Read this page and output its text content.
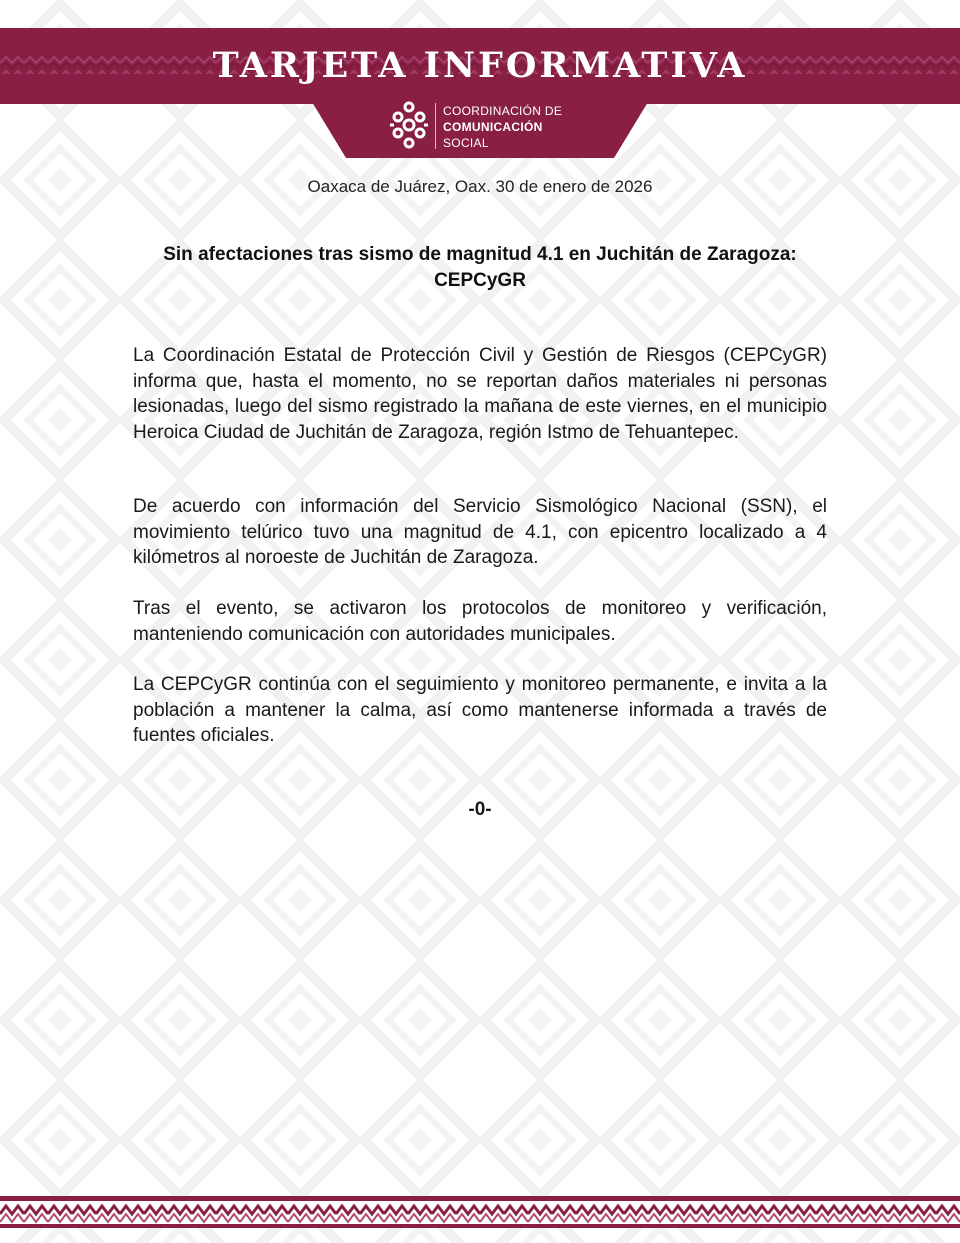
TARJETA INFORMATIVA
COORDINACIÓN DE
COMUNICACIÓN
SOCIAL
Oaxaca de Juárez, Oax. 30 de enero de 2026
Sin afectaciones tras sismo de magnitud 4.1 en Juchitán de Zaragoza: CEPCyGR
La Coordinación Estatal de Protección Civil y Gestión de Riesgos (CEPCyGR) informa que, hasta el momento, no se reportan daños materiales ni personas lesionadas, luego del sismo registrado la mañana de este viernes, en el municipio Heroica Ciudad de Juchitán de Zaragoza, región Istmo de Tehuantepec.
De acuerdo con información del Servicio Sismológico Nacional (SSN), el movimiento telúrico tuvo una magnitud de 4.1, con epicentro localizado a 4 kilómetros al noroeste de Juchitán de Zaragoza.
Tras el evento, se activaron los protocolos de monitoreo y verificación, manteniendo comunicación con autoridades municipales.
La CEPCyGR continúa con el seguimiento y monitoreo permanente, e invita a la población a mantener la calma, así como mantenerse informada a través de fuentes oficiales.
-0-
